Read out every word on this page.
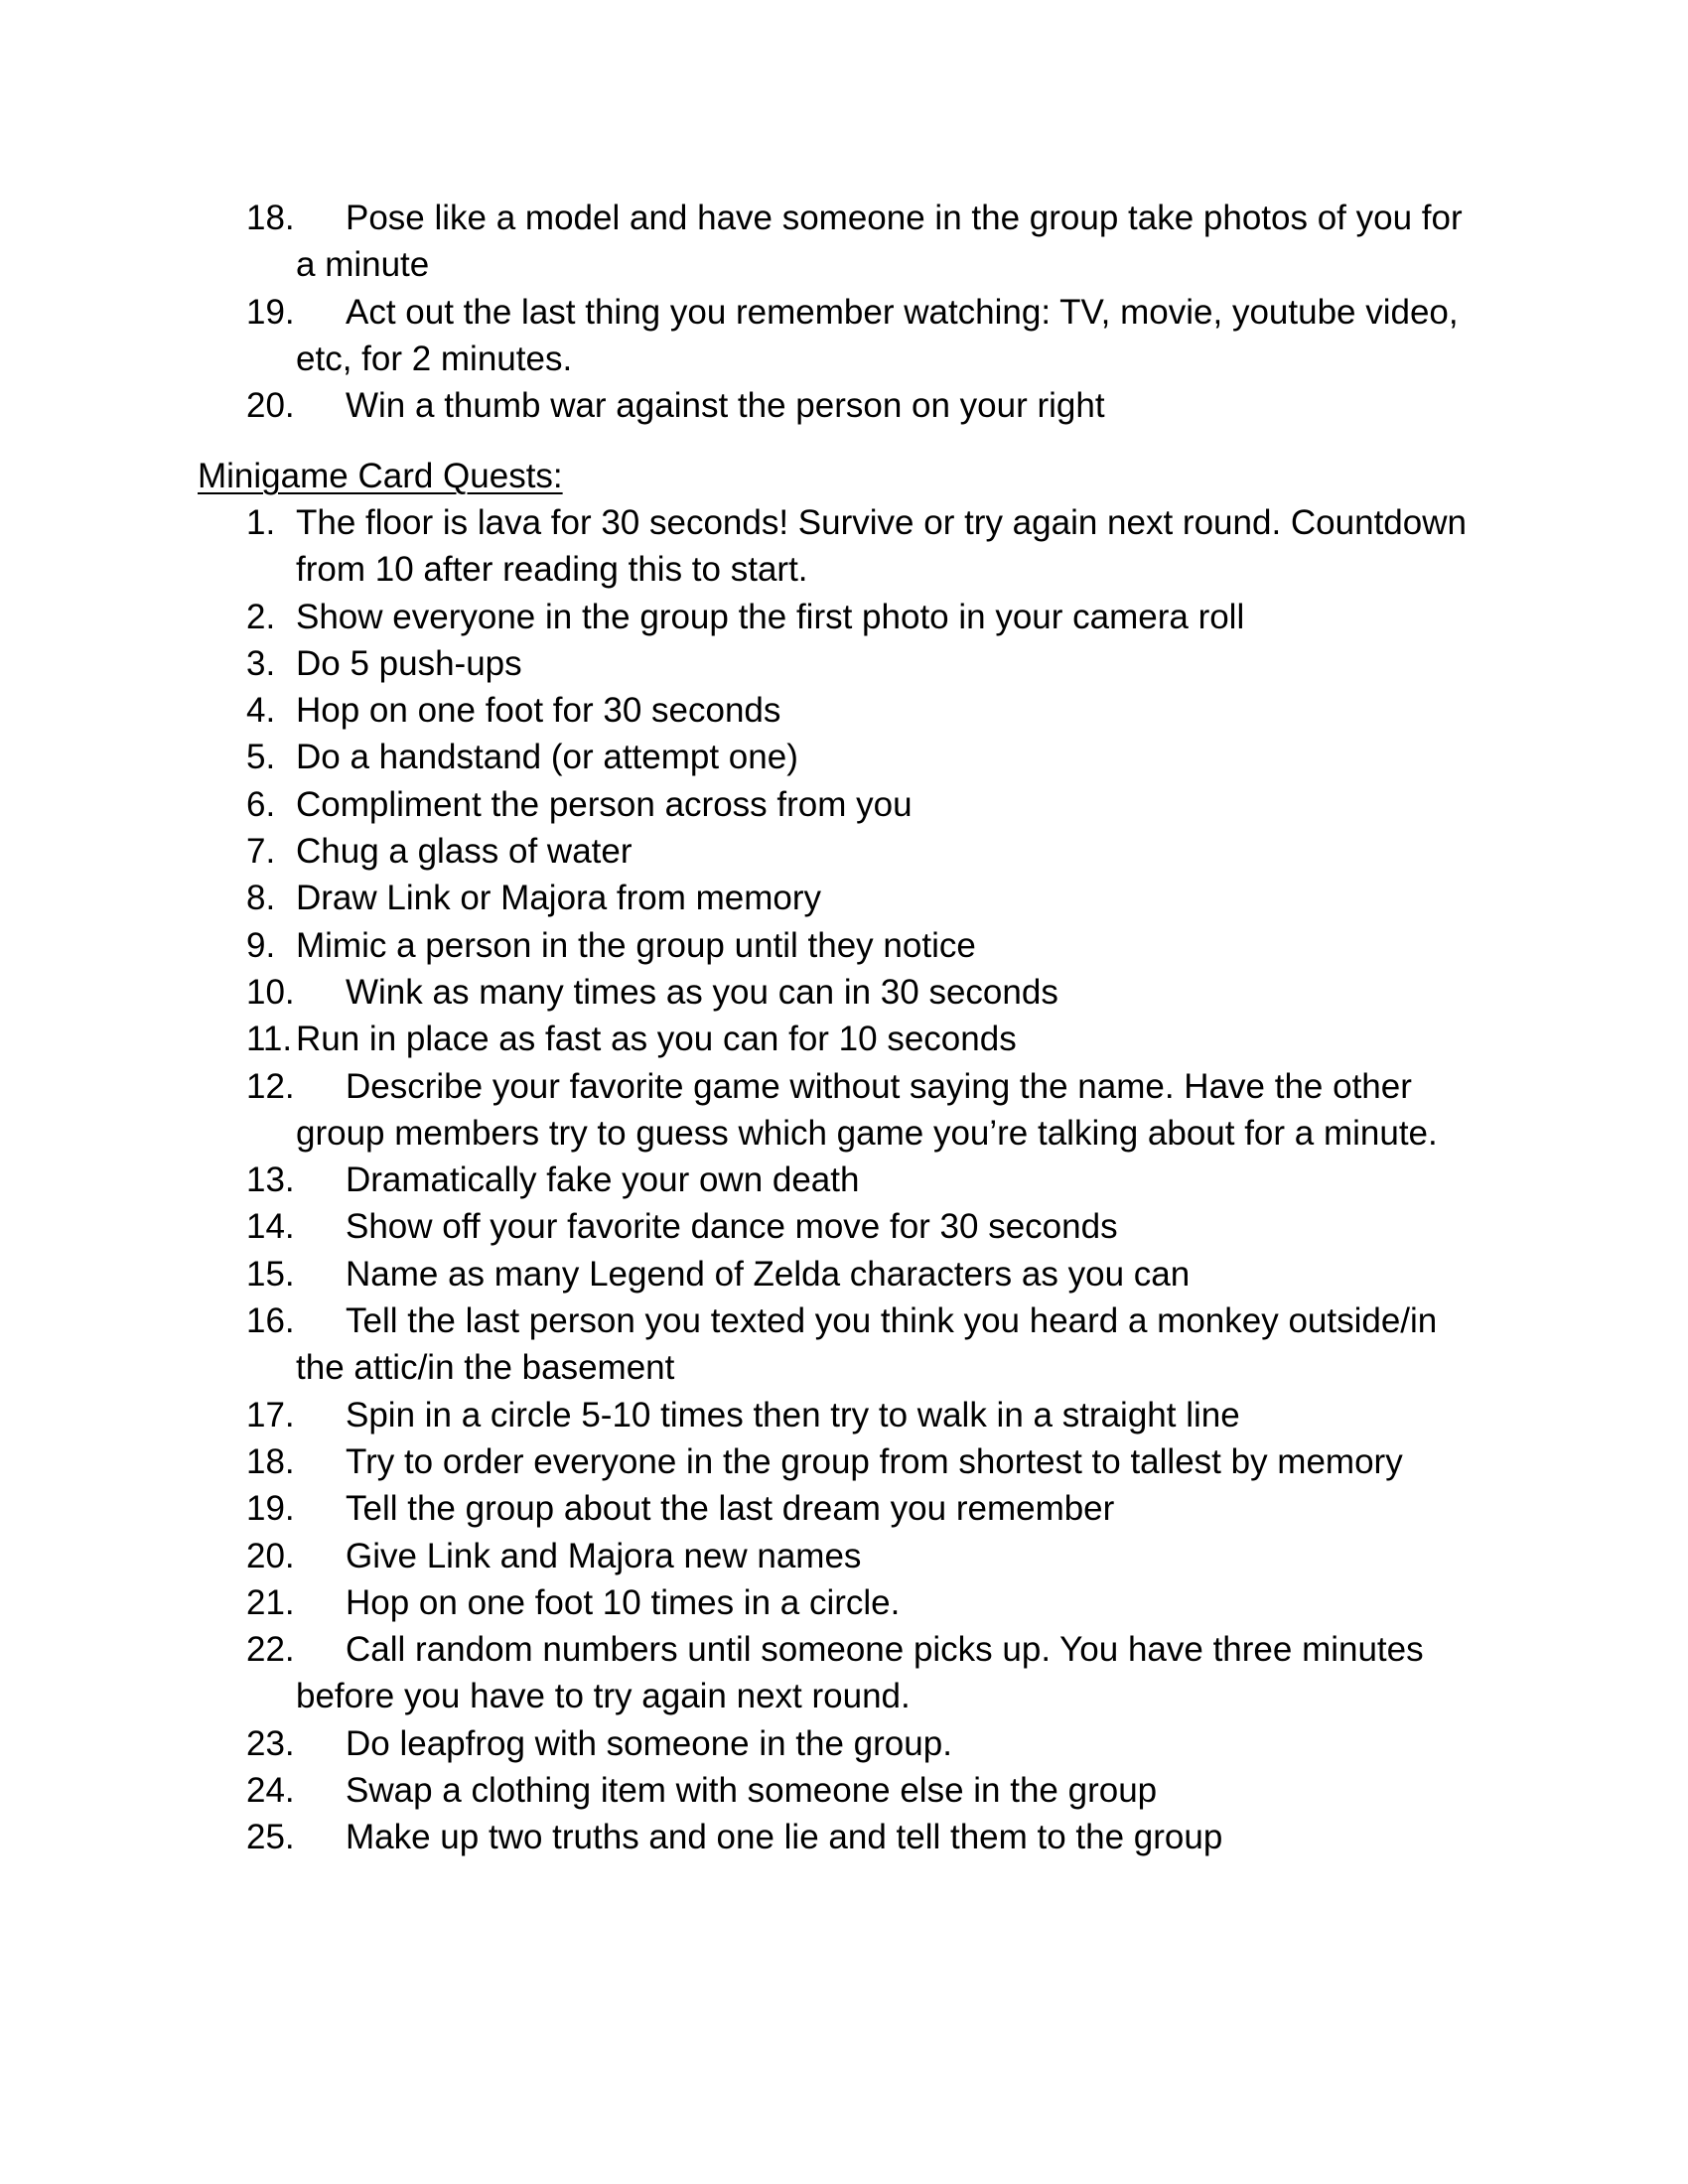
18. Pose like a model and have someone in the group take photos of you for a minute
19. Act out the last thing you remember watching: TV, movie, youtube video, etc, for 2 minutes.
20. Win a thumb war against the person on your right
Minigame Card Quests:
1. The floor is lava for 30 seconds! Survive or try again next round. Countdown from 10 after reading this to start.
2. Show everyone in the group the first photo in your camera roll
3. Do 5 push-ups
4. Hop on one foot for 30 seconds
5. Do a handstand (or attempt one)
6. Compliment the person across from you
7. Chug a glass of water
8. Draw Link or Majora from memory
9. Mimic a person in the group until they notice
10. Wink as many times as you can in 30 seconds
11. Run in place as fast as you can for 10 seconds
12. Describe your favorite game without saying the name. Have the other group members try to guess which game you’re talking about for a minute.
13. Dramatically fake your own death
14. Show off your favorite dance move for 30 seconds
15. Name as many Legend of Zelda characters as you can
16. Tell the last person you texted you think you heard a monkey outside/in the attic/in the basement
17. Spin in a circle 5-10 times then try to walk in a straight line
18. Try to order everyone in the group from shortest to tallest by memory
19. Tell the group about the last dream you remember
20. Give Link and Majora new names
21. Hop on one foot 10 times in a circle.
22. Call random numbers until someone picks up. You have three minutes before you have to try again next round.
23. Do leapfrog with someone in the group.
24. Swap a clothing item with someone else in the group
25. Make up two truths and one lie and tell them to the group
